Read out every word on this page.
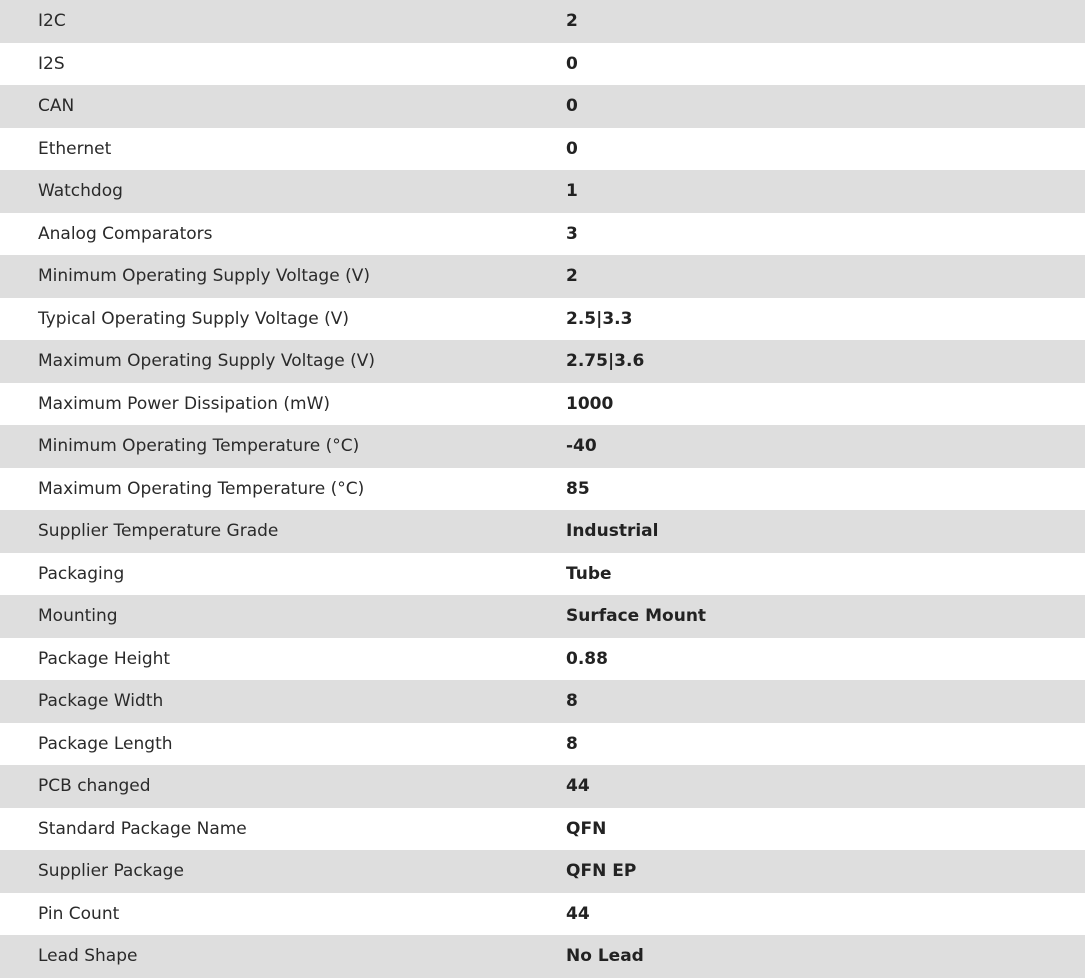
I2C	2
I2S	0
CAN	0
Ethernet	0
Watchdog	1
Analog Comparators	3
Minimum Operating Supply Voltage (V)	2
Typical Operating Supply Voltage (V)	2.5|3.3
Maximum Operating Supply Voltage (V)	2.75|3.6
Maximum Power Dissipation (mW)	1000
Minimum Operating Temperature (°C)	-40
Maximum Operating Temperature (°C)	85
Supplier Temperature Grade	Industrial
Packaging	Tube
Mounting	Surface Mount
Package Height	0.88
Package Width	8
Package Length	8
PCB changed	44
Standard Package Name	QFN
Supplier Package	QFN EP
Pin Count	44
Lead Shape	No Lead
